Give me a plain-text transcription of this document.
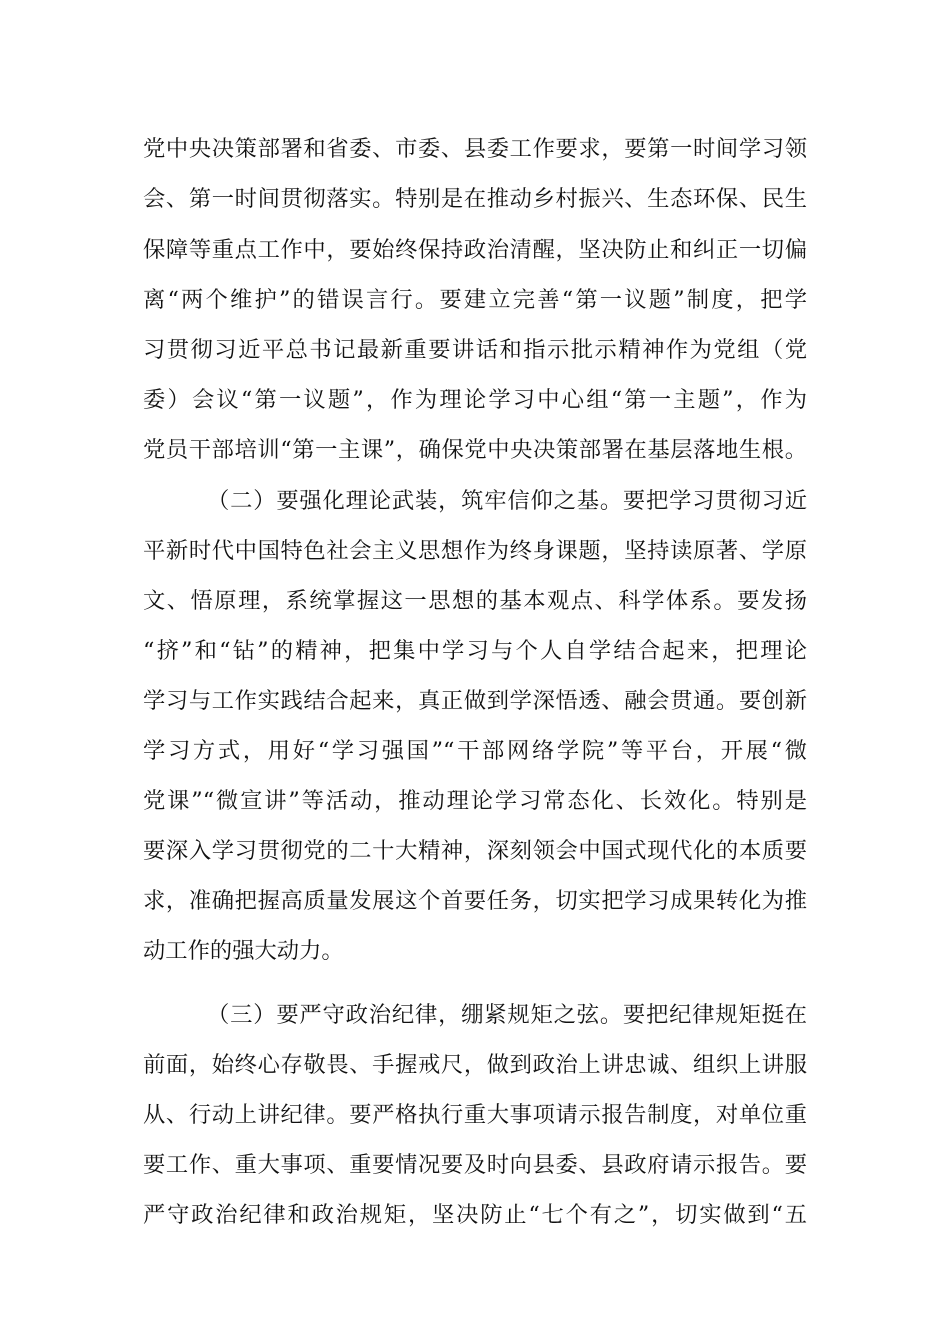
党中央决策部署和省委、市委、县委工作要求，要第一时间学习领
会、第一时间贯彻落实。特别是在推动乡村振兴、生态环保、民生
保障等重点工作中，要始终保持政治清醒，坚决防止和纠正一切偏
离“两个维护”的错误言行。要建立完善“第一议题”制度，把学
习贯彻习近平总书记最新重要讲话和指示批示精神作为党组（党
委）会议“第一议题”，作为理论学习中心组“第一主题”，作为
党员干部培训“第一主课”，确保党中央决策部署在基层落地生根。
（二）要强化理论武装，筑牢信仰之基。要把学习贯彻习近
平新时代中国特色社会主义思想作为终身课题，坚持读原著、学原
文、悟原理，系统掌握这一思想的基本观点、科学体系。要发扬
“挤”和“钻”的精神，把集中学习与个人自学结合起来，把理论
学习与工作实践结合起来，真正做到学深悟透、融会贯通。要创新
学习方式，用好“学习强国”“干部网络学院”等平台，开展“微
党课”“微宣讲”等活动，推动理论学习常态化、长效化。特别是
要深入学习贯彻党的二十大精神，深刻领会中国式现代化的本质要
求，准确把握高质量发展这个首要任务，切实把学习成果转化为推
动工作的强大动力。
（三）要严守政治纪律，绷紧规矩之弦。要把纪律规矩挺在
前面，始终心存敬畏、手握戒尺，做到政治上讲忠诚、组织上讲服
从、行动上讲纪律。要严格执行重大事项请示报告制度，对单位重
要工作、重大事项、重要情况要及时向县委、县政府请示报告。要
严守政治纪律和政治规矩，坚决防止“七个有之”，切实做到“五
